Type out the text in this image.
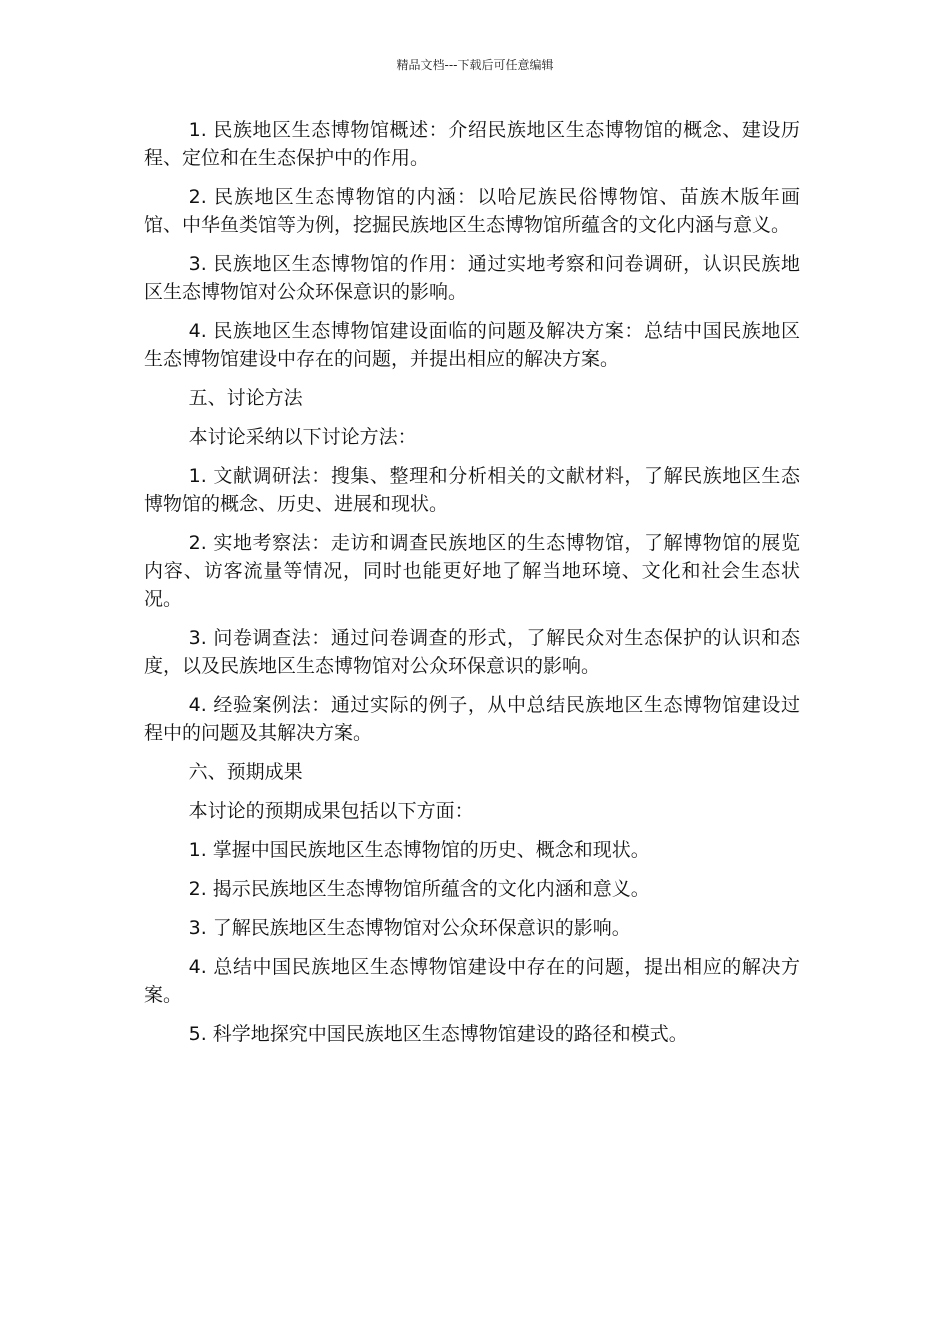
精品文档---下载后可任意编辑

1. 民族地区生态博物馆概述：介绍民族地区生态博物馆的概念、建设历程、定位和在生态保护中的作用。

2. 民族地区生态博物馆的内涵：以哈尼族民俗博物馆、苗族木版年画馆、中华鱼类馆等为例，挖掘民族地区生态博物馆所蕴含的文化内涵与意义。

3. 民族地区生态博物馆的作用：通过实地考察和问卷调研，认识民族地区生态博物馆对公众环保意识的影响。

4. 民族地区生态博物馆建设面临的问题及解决方案：总结中国民族地区生态博物馆建设中存在的问题，并提出相应的解决方案。

五、讨论方法

本讨论采纳以下讨论方法：

1. 文献调研法：搜集、整理和分析相关的文献材料，了解民族地区生态博物馆的概念、历史、进展和现状。

2. 实地考察法：走访和调查民族地区的生态博物馆，了解博物馆的展览内容、访客流量等情况，同时也能更好地了解当地环境、文化和社会生态状况。

3. 问卷调查法：通过问卷调查的形式，了解民众对生态保护的认识和态度，以及民族地区生态博物馆对公众环保意识的影响。

4. 经验案例法：通过实际的例子，从中总结民族地区生态博物馆建设过程中的问题及其解决方案。

六、预期成果

本讨论的预期成果包括以下方面：

1. 掌握中国民族地区生态博物馆的历史、概念和现状。

2. 揭示民族地区生态博物馆所蕴含的文化内涵和意义。

3. 了解民族地区生态博物馆对公众环保意识的影响。

4. 总结中国民族地区生态博物馆建设中存在的问题，提出相应的解决方案。

5. 科学地探究中国民族地区生态博物馆建设的路径和模式。
